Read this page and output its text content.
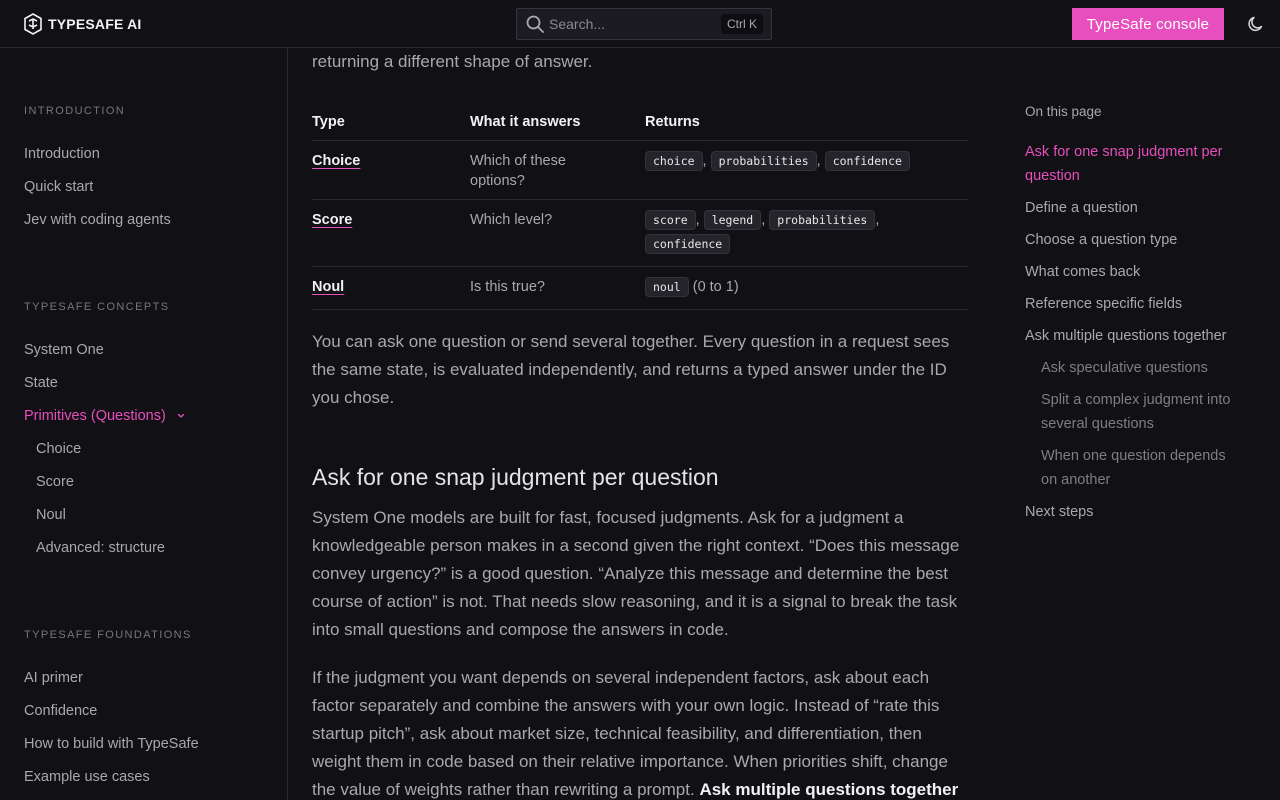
TYPESAFE AI
Search...	Ctrl K	TypeSafe console
INTRODUCTION
Introduction
Quick start
Jev with coding agents
TYPESAFE CONCEPTS
System One
State
Primitives (Questions)
Choice
Score
Noul
Advanced: structure
TYPESAFE FOUNDATIONS
AI primer
Confidence
How to build with TypeSafe
Example use cases

returning a different shape of answer.

Type	What it answers	Returns
Choice	Which of these options?	choice , probabilities , confidence
Score	Which level?	score , legend , probabilities ,
confidence
Noul	Is this true?	noul (0 to 1)

You can ask one question or send several together. Every question in a request sees the same state, is evaluated independently, and returns a typed answer under the ID you chose.

Ask for one snap judgment per question

System One models are built for fast, focused judgments. Ask for a judgment a knowledgeable person makes in a second given the right context. “Does this message convey urgency?” is a good question. “Analyze this message and determine the best course of action” is not. That needs slow reasoning, and it is a signal to break the task into small questions and compose the answers in code.

If the judgment you want depends on several independent factors, ask about each factor separately and combine the answers with your own logic. Instead of “rate this startup pitch”, ask about market size, technical feasibility, and differentiation, then weight them in code based on their relative importance. When priorities shift, change the value of weights rather than rewriting a prompt. Ask multiple questions together

On this page
Ask for one snap judgment per question
Define a question
Choose a question type
What comes back
Reference specific fields
Ask multiple questions together
Ask speculative questions
Split a complex judgment into several questions
When one question depends on another
Next steps
